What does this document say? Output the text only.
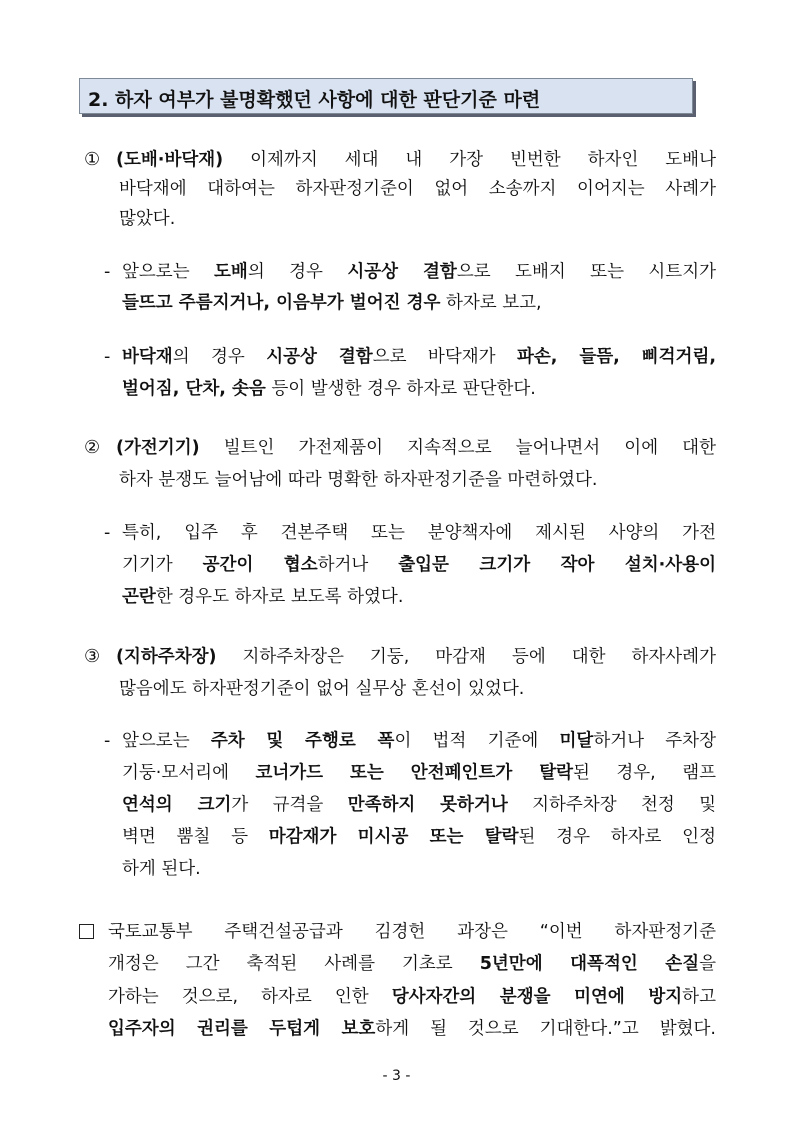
2. 하자 여부가 불명확했던 사항에 대한 판단기준 마련
① (도배·바닥재) 이제까지 세대 내 가장 빈번한 하자인 도배나
바닥재에 대하여는 하자판정기준이 없어 소송까지 이어지는 사례가
많았다.
- 앞으로는 도배의 경우 시공상 결함으로 도배지 또는 시트지가
들뜨고 주름지거나, 이음부가 벌어진 경우 하자로 보고,
- 바닥재의 경우 시공상 결함으로 바닥재가 파손, 들뜸, 삐걱거림,
벌어짐, 단차, 솟음 등이 발생한 경우 하자로 판단한다.
② (가전기기) 빌트인 가전제품이 지속적으로 늘어나면서 이에 대한
하자 분쟁도 늘어남에 따라 명확한 하자판정기준을 마련하였다.
- 특히, 입주 후 견본주택 또는 분양책자에 제시된 사양의 가전
기기가 공간이 협소하거나 출입문 크기가 작아 설치·사용이
곤란한 경우도 하자로 보도록 하였다.
③ (지하주차장) 지하주차장은 기둥, 마감재 등에 대한 하자사례가
많음에도 하자판정기준이 없어 실무상 혼선이 있었다.
- 앞으로는 주차 및 주행로 폭이 법적 기준에 미달하거나 주차장
기둥·모서리에 코너가드 또는 안전페인트가 탈락된 경우, 램프
연석의 크기가 규격을 만족하지 못하거나 지하주차장 천정 및
벽면 뿜칠 등 마감재가 미시공 또는 탈락된 경우 하자로 인정
하게 된다.
국토교통부 주택건설공급과 김경헌 과장은 “이번 하자판정기준
개정은 그간 축적된 사례를 기초로 5년만에 대폭적인 손질을
가하는 것으로, 하자로 인한 당사자간의 분쟁을 미연에 방지하고
입주자의 권리를 두텁게 보호하게 될 것으로 기대한다.”고 밝혔다.
- 3 -
